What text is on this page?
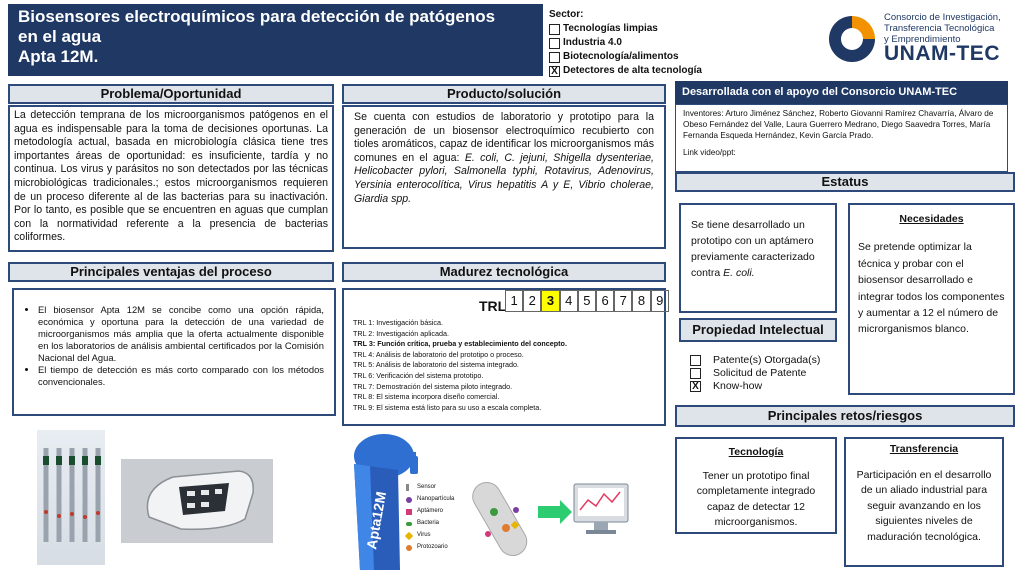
Biosensores electroquímicos para detección de patógenos
en el agua
Apta 12M.
Sector:
Tecnologías limpias
Industria 4.0
Biotecnología/alimentos
X Detectores de alta tecnología
Consorcio de Investigación,
Transferencia Tecnológica
y Emprendimiento
UNAM-TEC
Problema/Oportunidad
La detección temprana de los microorganismos patógenos en el agua es indispensable para la toma de decisiones oportunas. La metodología actual, basada en microbiología clásica tiene tres importantes áreas de oportunidad: es insuficiente, tardía y no continua. Los virus y parásitos no son detectados por las técnicas microbiológicas tradicionales.; estos microorganismos requieren de un proceso diferente al de las bacterias para su inactivación. Por lo tanto, es posible que se encuentren en aguas que cumplan con la normatividad referente a la presencia de bacterias coliformes.
Producto/solución
Se cuenta con estudios de laboratorio y prototipo para la generación de un biosensor electroquímico recubierto con tioles aromáticos, capaz de identificar los microorganismos más comunes en el agua: E. coli, C. jejuni, Shigella dysenteriae, Helicobacter pylori, Salmonella typhi, Rotavirus, Adenovirus, Yersinia enterocolítica, Virus hepatitis A y E, Vibrio cholerae, Giardia spp.
Desarrollada con el apoyo del Consorcio UNAM-TEC
Inventores: Arturo Jiménez Sánchez, Roberto Giovanni Ramírez Chavarría, Álvaro de Obeso Fernández del Valle, Laura Guerrero Medrano, Diego Saavedra Torres, María Fernanda Esqueda Hernández, Kevin García Prado.
Link video/ppt:
Estatus
Se tiene desarrollado un prototipo con un aptámero previamente caracterizado contra E. coli.
Necesidades
Se pretende optimizar la técnica y probar con el biosensor desarrollado e integrar todos los componentes y aumentar a 12 el número de microrganismos blanco.
Principales ventajas del proceso
• El biosensor Apta 12M se concibe como una opción rápida, económica y oportuna para la detección de una variedad de microorganismos más amplia que la oferta actualmente disponible en los laboratorios de análisis ambiental certificados por la Comisión Nacional del Agua.
• El tiempo de detección es más corto comparado con los métodos convencionales.
Madurez tecnológica
TRL 1 2 3 4 5 6 7 8 9
TRL 1: Investigación básica.
TRL 2: Investigación aplicada.
TRL 3: Función crítica, prueba y establecimiento del concepto.
TRL 4: Análisis de laboratorio del prototipo o proceso.
TRL 5: Análisis de laboratorio del sistema integrado.
TRL 6: Verificación del sistema prototipo.
TRL 7: Demostración del sistema piloto integrado.
TRL 8: El sistema incorpora diseño comercial.
TRL 9: El sistema está listo para su uso a escala completa.
Propiedad Intelectual
Patente(s) Otorgada(s)
Solicitud de Patente
X Know-how
Principales retos/riesgos
Tecnología
Tener un prototipo final completamente integrado capaz de detectar 12 microorganismos.
Transferencia
Participación en el desarrollo de un aliado industrial para seguir avanzando en los siguientes niveles de maduración tecnológica.
Apta12M
Sensor
Nanopartícula
Aptámero
Bacteria
Virus
Protozoario
